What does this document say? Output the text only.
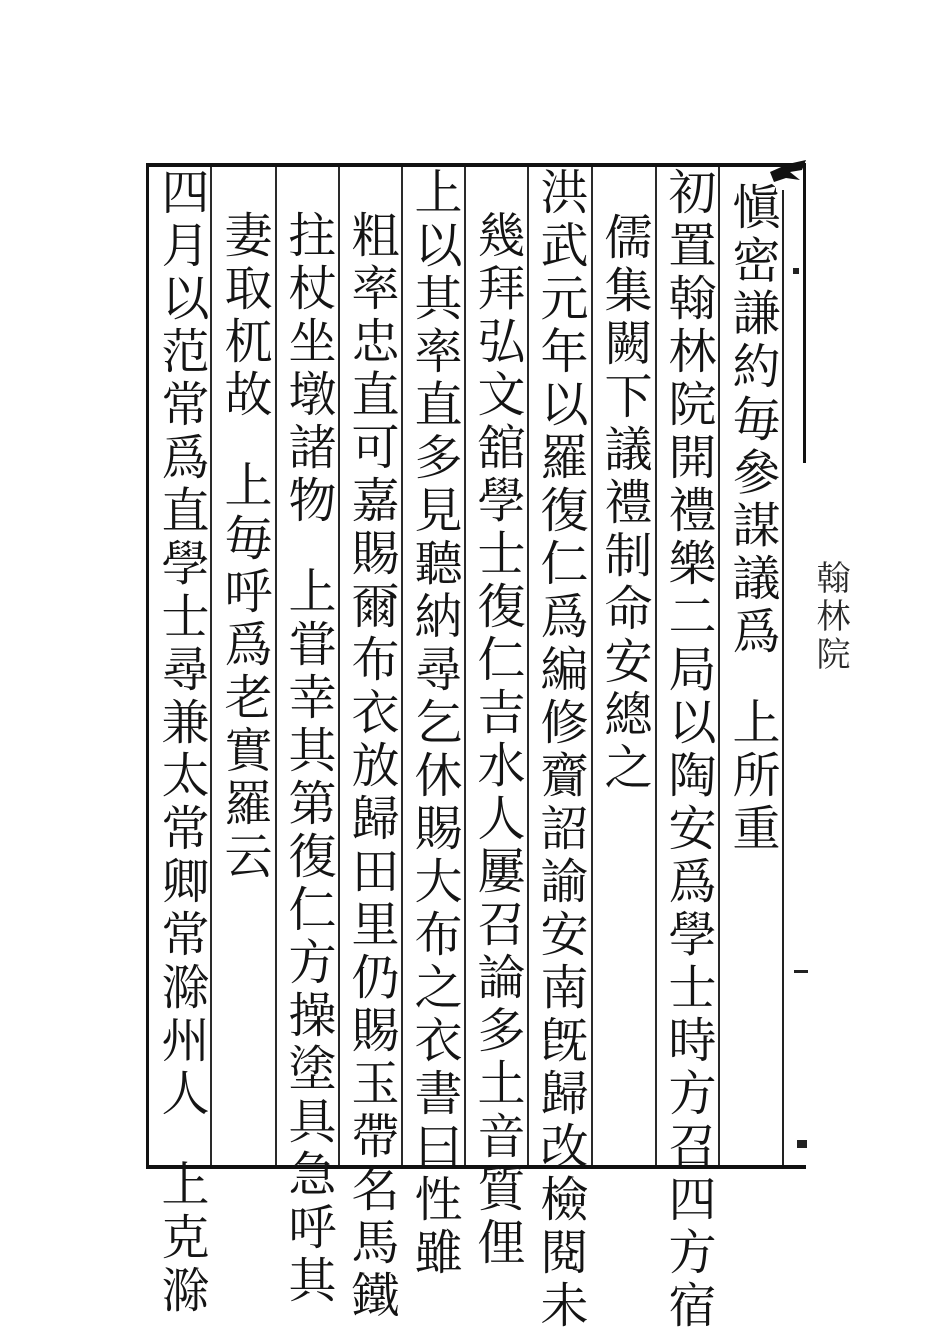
翰林院
愼密謙約毎參謀議爲上所重
初置翰林院開禮樂二局以陶安爲學士時方召四方宿
儒集闕下議禮制命安總之
洪武元年以羅復仁爲編修齎詔諭安南旣歸改檢閱未
幾拜弘文舘學士復仁吉水人屢召論多土音質俚
上以其率直多見聽納尋乞休賜大布之衣書曰性雖
粗率忠直可嘉賜爾布衣放歸田里仍賜玉帶名馬鐵
拄杖坐墩諸物上甞幸其第復仁方操塗具急呼其
妻取杌故上毎呼爲老實羅云
四月以范常爲直學士尋兼太常卿常滁州人上克滁
